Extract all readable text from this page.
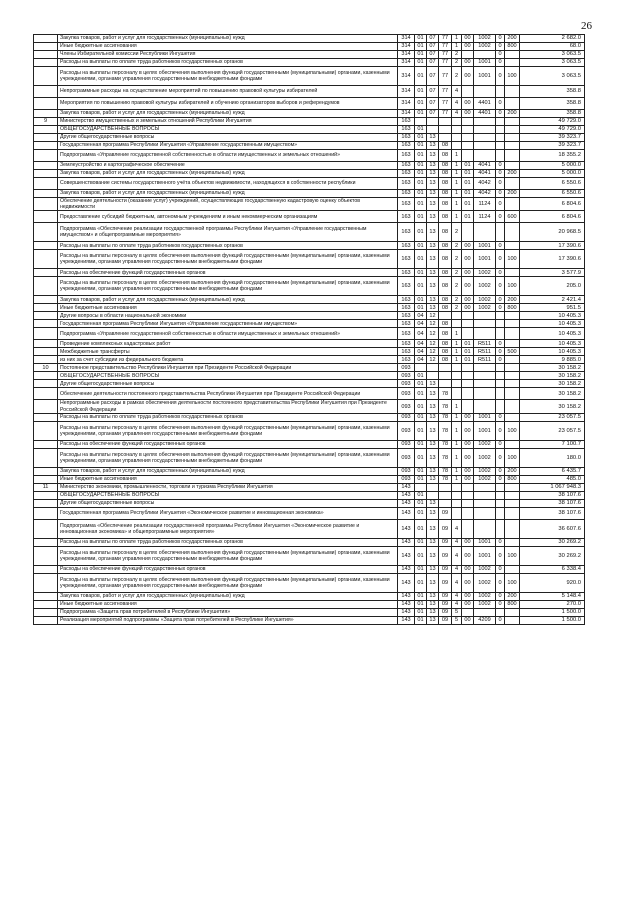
26
	Закупка товаров, работ и услуг для государственных (муниципальных) нужд	314	01	07	77	1	00	1002	0	200	2 682.0
	Иные бюджетные ассигнования	314	01	07	77	1	00	1002	0	800	68.0
	Члены Избирательной комиссии Республики Ингушетия	314	01	07	77	2			0		3 063.5
	Расходы на выплаты по оплате труда работников государственных органов	314	01	07	77	2	00	1001	0		3 063.5
	Расходы на выплаты персоналу в целях обеспечения выполнения функций государственными (муниципальными) органами, казенными учреждениями, органами управления государственными внебюджетными фондами	314	01	07	77	2	00	1001	0	100	3 063.5
	Непрограммные расходы на осуществление мероприятий по повышению правовой культуры избирателей	314	01	07	77	4					358.8
	Мероприятия по повышению правовой культуры избирателей и обучению организаторов выборов и референдумов	314	01	07	77	4	00	4401	0		358.8
	Закупка товаров, работ и услуг для государственных (муниципальных) нужд	314	01	07	77	4	00	4401	0	200	358.8
9	Министерство имущественных и земельных отношений Республики Ингушетия	163									49 729.0
	ОБЩЕГОСУДАРСТВЕННЫЕ ВОПРОСЫ	163	01								49 729.0
	Другие общегосударственные вопросы	163	01	13							39 323.7
	Государственная программа Республики Ингушетия «Управление государственным имуществом»	163	01	13	08						39 323.7
	Подпрограмма «Управление государственной собственностью в области имущественных и земельных отношений»	163	01	13	08	1					18 355.2
	Землеустройство и картографическое обеспечение	163	01	13	08	1	01	4041	0		5 000.0
	Закупка товаров, работ и услуг для государственных (муниципальных) нужд	163	01	13	08	1	01	4041	0	200	5 000.0
	Совершенствование системы государственного учёта объектов недвижимости, находящихся в собственности республики	163	01	13	08	1	01	4042	0		6 550.6
	Закупка товаров, работ и услуг для государственных (муниципальных) нужд	163	01	13	08	1	01	4042	0	200	6 550.6
	Обеспечение деятельности (оказание услуг) учреждений, осуществляющих государственную кадастровую оценку объектов недвижимости	163	01	13	08	1	01	1124	0		6 804.6
	Предоставление субсидий бюджетным, автономным учреждениям и иным некоммерческим организациям	163	01	13	08	1	01	1124	0	600	6 804.6
	Подпрограмма «Обеспечение реализации государственной программы Республики Ингушетия «Управление государственным имуществом» и общепрограммные мероприятия»	163	01	13	08	2					20 968.5
	Расходы на выплаты по оплате труда работников государственных органов	163	01	13	08	2	00	1001	0		17 390.6
	Расходы на выплаты персоналу в целях обеспечения выполнения функций государственными (муниципальными) органами, казенными учреждениями, органами управления государственными внебюджетными фондами	163	01	13	08	2	00	1001	0	100	17 390.6
	Расходы на обеспечение функций государственных органов	163	01	13	08	2	00	1002	0		3 577.9
	Расходы на выплаты персоналу в целях обеспечения выполнения функций государственными (муниципальными) органами, казенными учреждениями, органами управления государственными внебюджетными фондами	163	01	13	08	2	00	1002	0	100	205.0
	Закупка товаров, работ и услуг для государственных (муниципальных) нужд	163	01	13	08	2	00	1002	0	200	2 421.4
	Иные бюджетные ассигнования	163	01	13	08	2	00	1002	0	800	951.5
	Другие вопросы в области национальной экономики	163	04	12							10 405.3
	Государственная программа Республики Ингушетия «Управление государственным имуществом»	163	04	12	08						10 405.3
	Подпрограмма «Управление государственной собственностью в области имущественных и земельных отношений»	163	04	12	08	1					10 405.3
	Проведение комплексных кадастровых работ	163	04	12	08	1	01	R511	0		10 405.3
	Межбюджетные трансферты	163	04	12	08	1	01	R511	0	500	10 405.3
	из них за счет субсидии из федерального бюджета	163	04	12	08	1	01	R511	0		9 885.0
10	Постоянное представительство Республики Ингушетия при Президенте Российской Федерации	093									30 158.2
	ОБЩЕГОСУДАРСТВЕННЫЕ ВОПРОСЫ	093	01								30 158.2
	Другие общегосударственные вопросы	093	01	13							30 158.2
	Обеспечение деятельности постоянного представительства Республики Ингушетия при Президенте Российской Федерации	093	01	13	78						30 158.2
	Непрограммные расходы в рамках обеспечения деятельности постоянного представительства Республики Ингушетия при Президенте Российской Федерации	093	01	13	78	1					30 158.2
	Расходы на выплаты по оплате труда работников государственных органов	093	01	13	78	1	00	1001	0		23 057.5
	Расходы на выплаты персоналу в целях обеспечения выполнения функций государственными (муниципальными) органами, казенными учреждениями, органами управления государственными внебюджетными фондами	093	01	13	78	1	00	1001	0	100	23 057.5
	Расходы на обеспечение функций государственных органов	093	01	13	78	1	00	1002	0		7 100.7
	Расходы на выплаты персоналу в целях обеспечения выполнения функций государственными (муниципальными) органами, казенными учреждениями, органами управления государственными внебюджетными фондами	093	01	13	78	1	00	1002	0	100	180.0
	Закупка товаров, работ и услуг для государственных (муниципальных) нужд	093	01	13	78	1	00	1002	0	200	6 435.7
	Иные бюджетные ассигнования	093	01	13	78	1	00	1002	0	800	485.0
11	Министерство экономики, промышленности, торговли и туризма Республики Ингушетия	143									1 067 948.3
	ОБЩЕГОСУДАРСТВЕННЫЕ ВОПРОСЫ	143	01								38 107.6
	Другие общегосударственные вопросы	143	01	13							38 107.6
	Государственная программа Республики Ингушетия «Экономическое развитие и инновационная экономика»	143	01	13	09						38 107.6
	Подпрограмма «Обеспечение реализации государственной программы Республики Ингушетия «Экономическое развитие и инновационная экономика» и общепрограммные мероприятия»	143	01	13	09	4					36 607.6
	Расходы на выплаты по оплате труда работников государственных органов	143	01	13	09	4	00	1001	0		30 269.2
	Расходы на выплаты персоналу в целях обеспечения выполнения функций государственными (муниципальными) органами, казенными учреждениями, органами управления государственными внебюджетными фондами	143	01	13	09	4	00	1001	0	100	30 269.2
	Расходы на обеспечение функций государственных органов	143	01	13	09	4	00	1002	0		6 338.4
	Расходы на выплаты персоналу в целях обеспечения выполнения функций государственными (муниципальными) органами, казенными учреждениями, органами управления государственными внебюджетными фондами	143	01	13	09	4	00	1002	0	100	920.0
	Закупка товаров, работ и услуг для государственных (муниципальных) нужд	143	01	13	09	4	00	1002	0	200	5 148.4
	Иные бюджетные ассигнования	143	01	13	09	4	00	1002	0	800	270.0
	Подпрограмма «Защита прав потребителей в Республике Ингушетия»	143	01	13	09	5					1 500.0
	Реализация мероприятий подпрограммы «Защита прав потребителей в Республике Ингушетия»	143	01	13	09	5	00	4209	0		1 500.0
